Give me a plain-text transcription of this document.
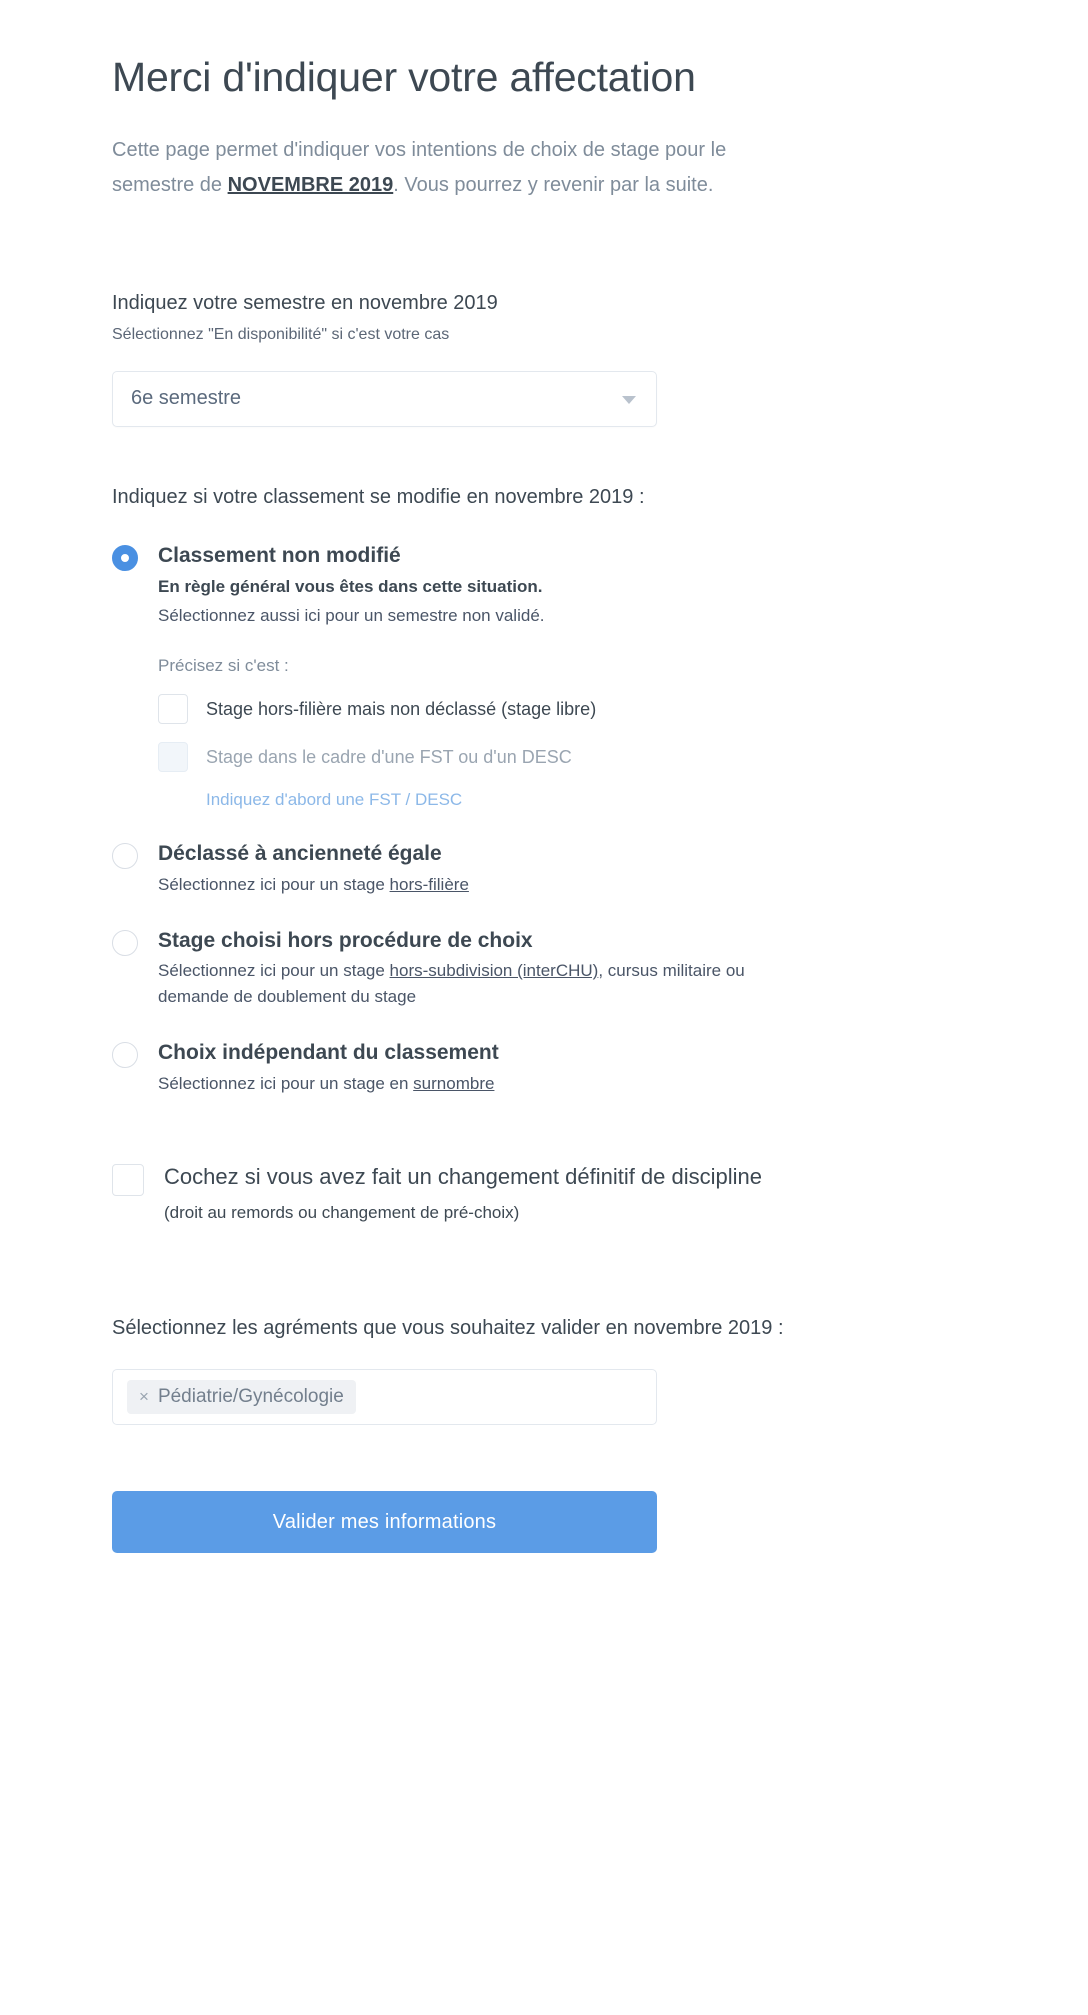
Merci d'indiquer votre affectation

Cette page permet d'indiquer vos intentions de choix de stage pour le semestre de NOVEMBRE 2019. Vous pourrez y revenir par la suite.

Indiquez votre semestre en novembre 2019

Sélectionnez "En disponibilité" si c'est votre cas

6e semestre

Indiquez si votre classement se modifie en novembre 2019 :

Classement non modifié

En règle général vous êtes dans cette situation.

Sélectionnez aussi ici pour un semestre non validé.

Précisez si c'est :

Stage hors-filière mais non déclassé (stage libre)
Stage dans le cadre d'une FST ou d'un DESC

Indiquez d'abord une FST / DESC

Déclassé à ancienneté égale

Sélectionnez ici pour un stage hors-filière

Stage choisi hors procédure de choix

Sélectionnez ici pour un stage hors-subdivision (interCHU), cursus militaire ou demande de doublement du stage

Choix indépendant du classement

Sélectionnez ici pour un stage en surnombre

Cochez si vous avez fait un changement définitif de discipline (droit au remords ou changement de pré-choix)

Sélectionnez les agréments que vous souhaitez valider en novembre 2019 :

× Pédiatrie/Gynécologie
Valider mes informations
